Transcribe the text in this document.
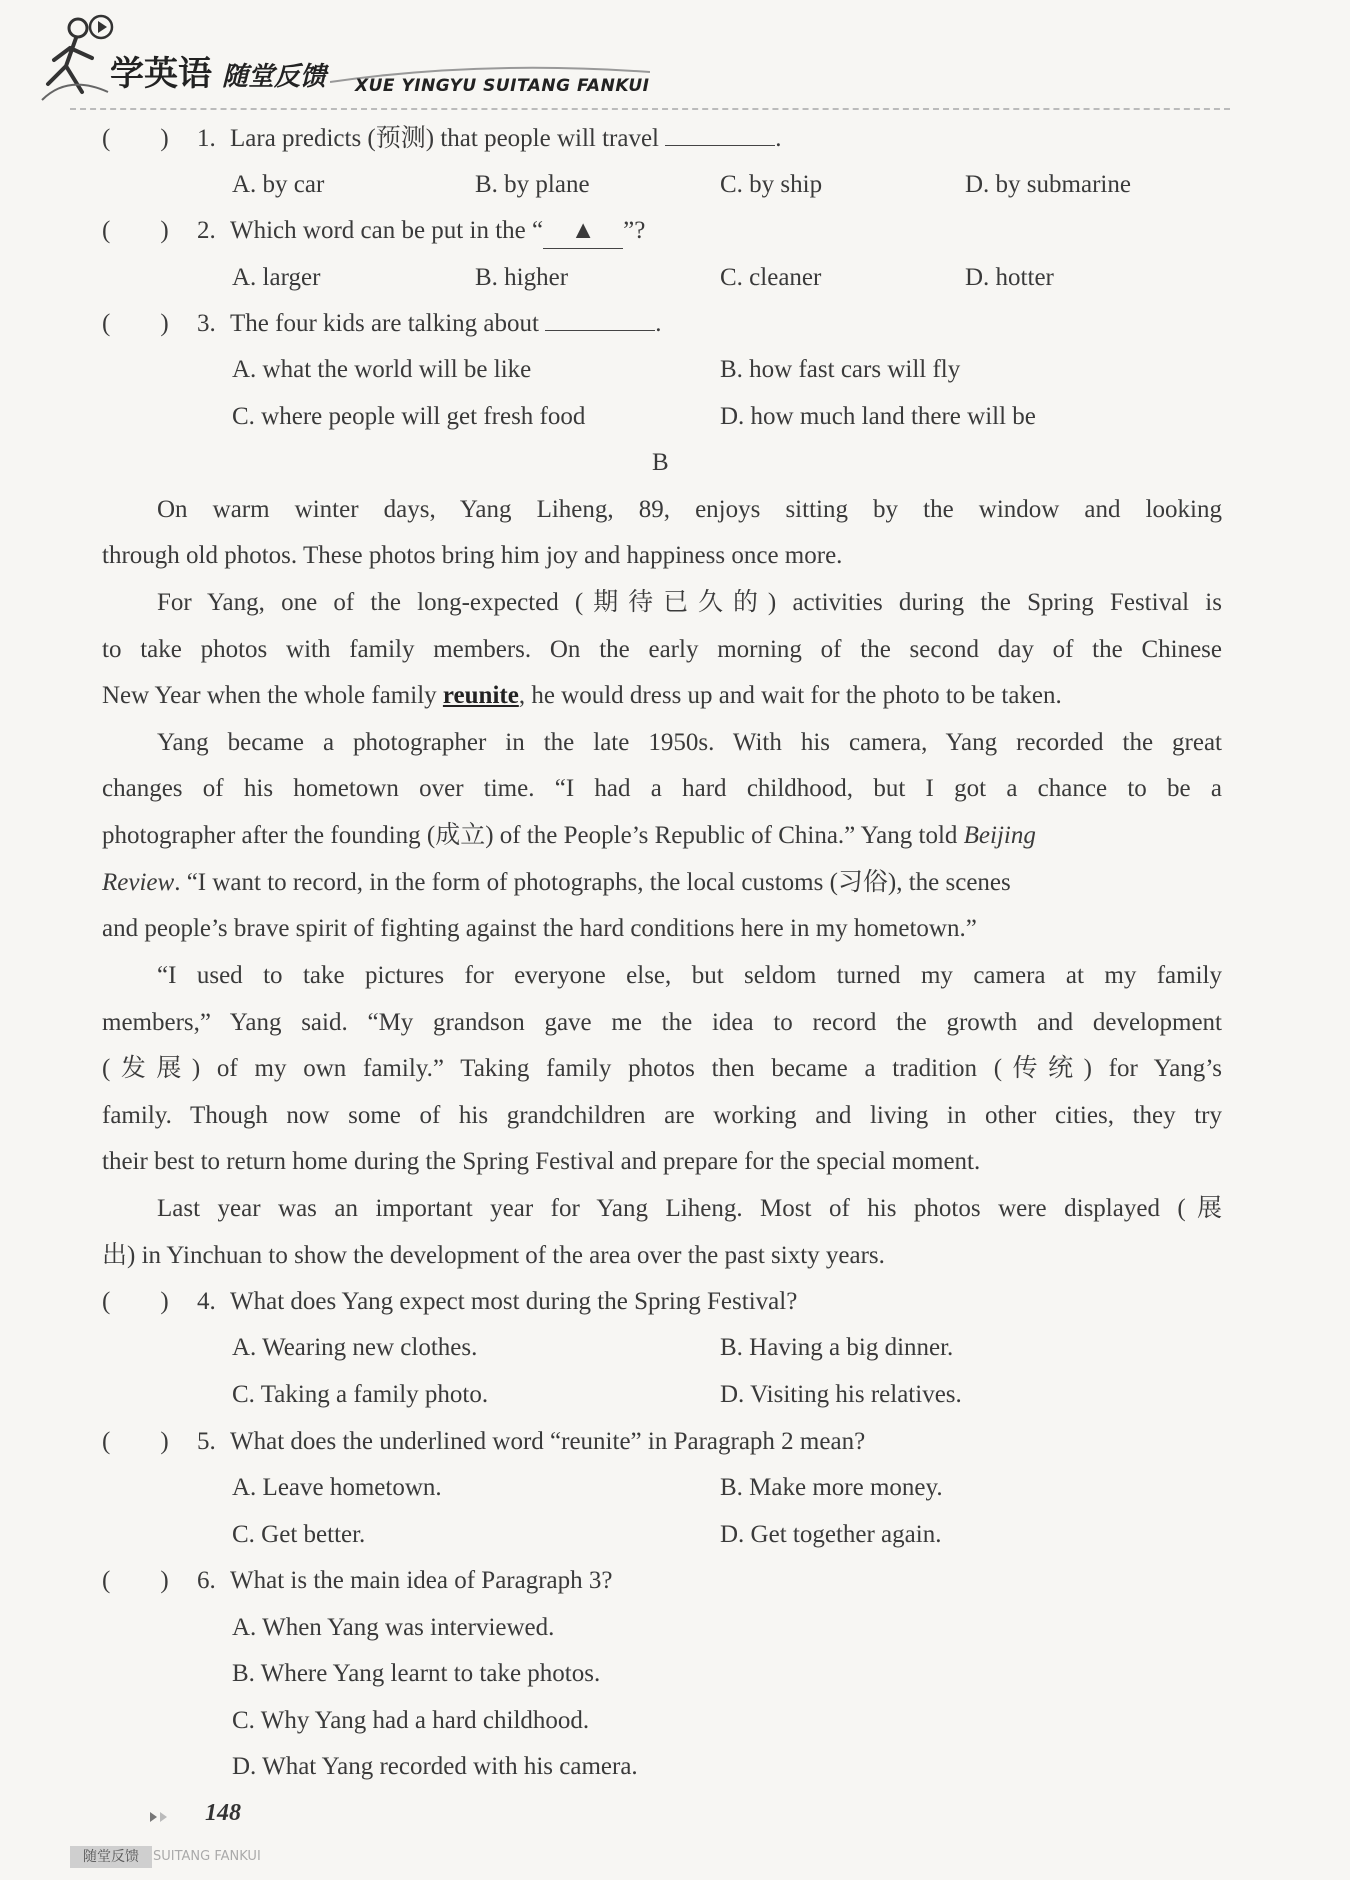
学英语 随堂反馈 XUE YINGYU SUITANG FANKUI
(　　) 1. Lara predicts (预测) that people will travel	.
A. by car	B. by plane	C. by ship	D. by submarine
(　　) 2. Which word can be put in the “ ▲ ”?
A. larger	B. higher	C. cleaner	D. hotter
(　　) 3. The four kids are talking about	.
A. what the world will be like	B. how fast cars will fly
C. where people will get fresh food	D. how much land there will be
B
On warm winter days, Yang Liheng, 89, enjoys sitting by the window and looking
through old photos. These photos bring him joy and happiness once more.
For Yang, one of the long-expected (期待已久的) activities during the Spring Festival is
to take photos with family members. On the early morning of the second day of the Chinese
New Year when the whole family reunite, he would dress up and wait for the photo to be taken.
Yang became a photographer in the late 1950s. With his camera, Yang recorded the great
changes of his hometown over time. “I had a hard childhood, but I got a chance to be a
photographer after the founding (成立) of the People’s Republic of China.” Yang told Beijing
Review. “I want to record, in the form of photographs, the local customs (习俗), the scenes
and people’s brave spirit of fighting against the hard conditions here in my hometown.”
“I used to take pictures for everyone else, but seldom turned my camera at my family
members,” Yang said. “My grandson gave me the idea to record the growth and development
(发展) of my own family.” Taking family photos then became a tradition (传统) for Yang’s
family. Though now some of his grandchildren are working and living in other cities, they try
their best to return home during the Spring Festival and prepare for the special moment.
Last year was an important year for Yang Liheng. Most of his photos were displayed (展
出) in Yinchuan to show the development of the area over the past sixty years.
(　　) 4. What does Yang expect most during the Spring Festival?
A. Wearing new clothes.	B. Having a big dinner.
C. Taking a family photo.	D. Visiting his relatives.
(　　) 5. What does the underlined word “reunite” in Paragraph 2 mean?
A. Leave hometown.	B. Make more money.
C. Get better.	D. Get together again.
(　　) 6. What is the main idea of Paragraph 3?
A. When Yang was interviewed.
B. Where Yang learnt to take photos.
C. Why Yang had a hard childhood.
D. What Yang recorded with his camera.
148
随堂反馈	SUITANG FANKUI
